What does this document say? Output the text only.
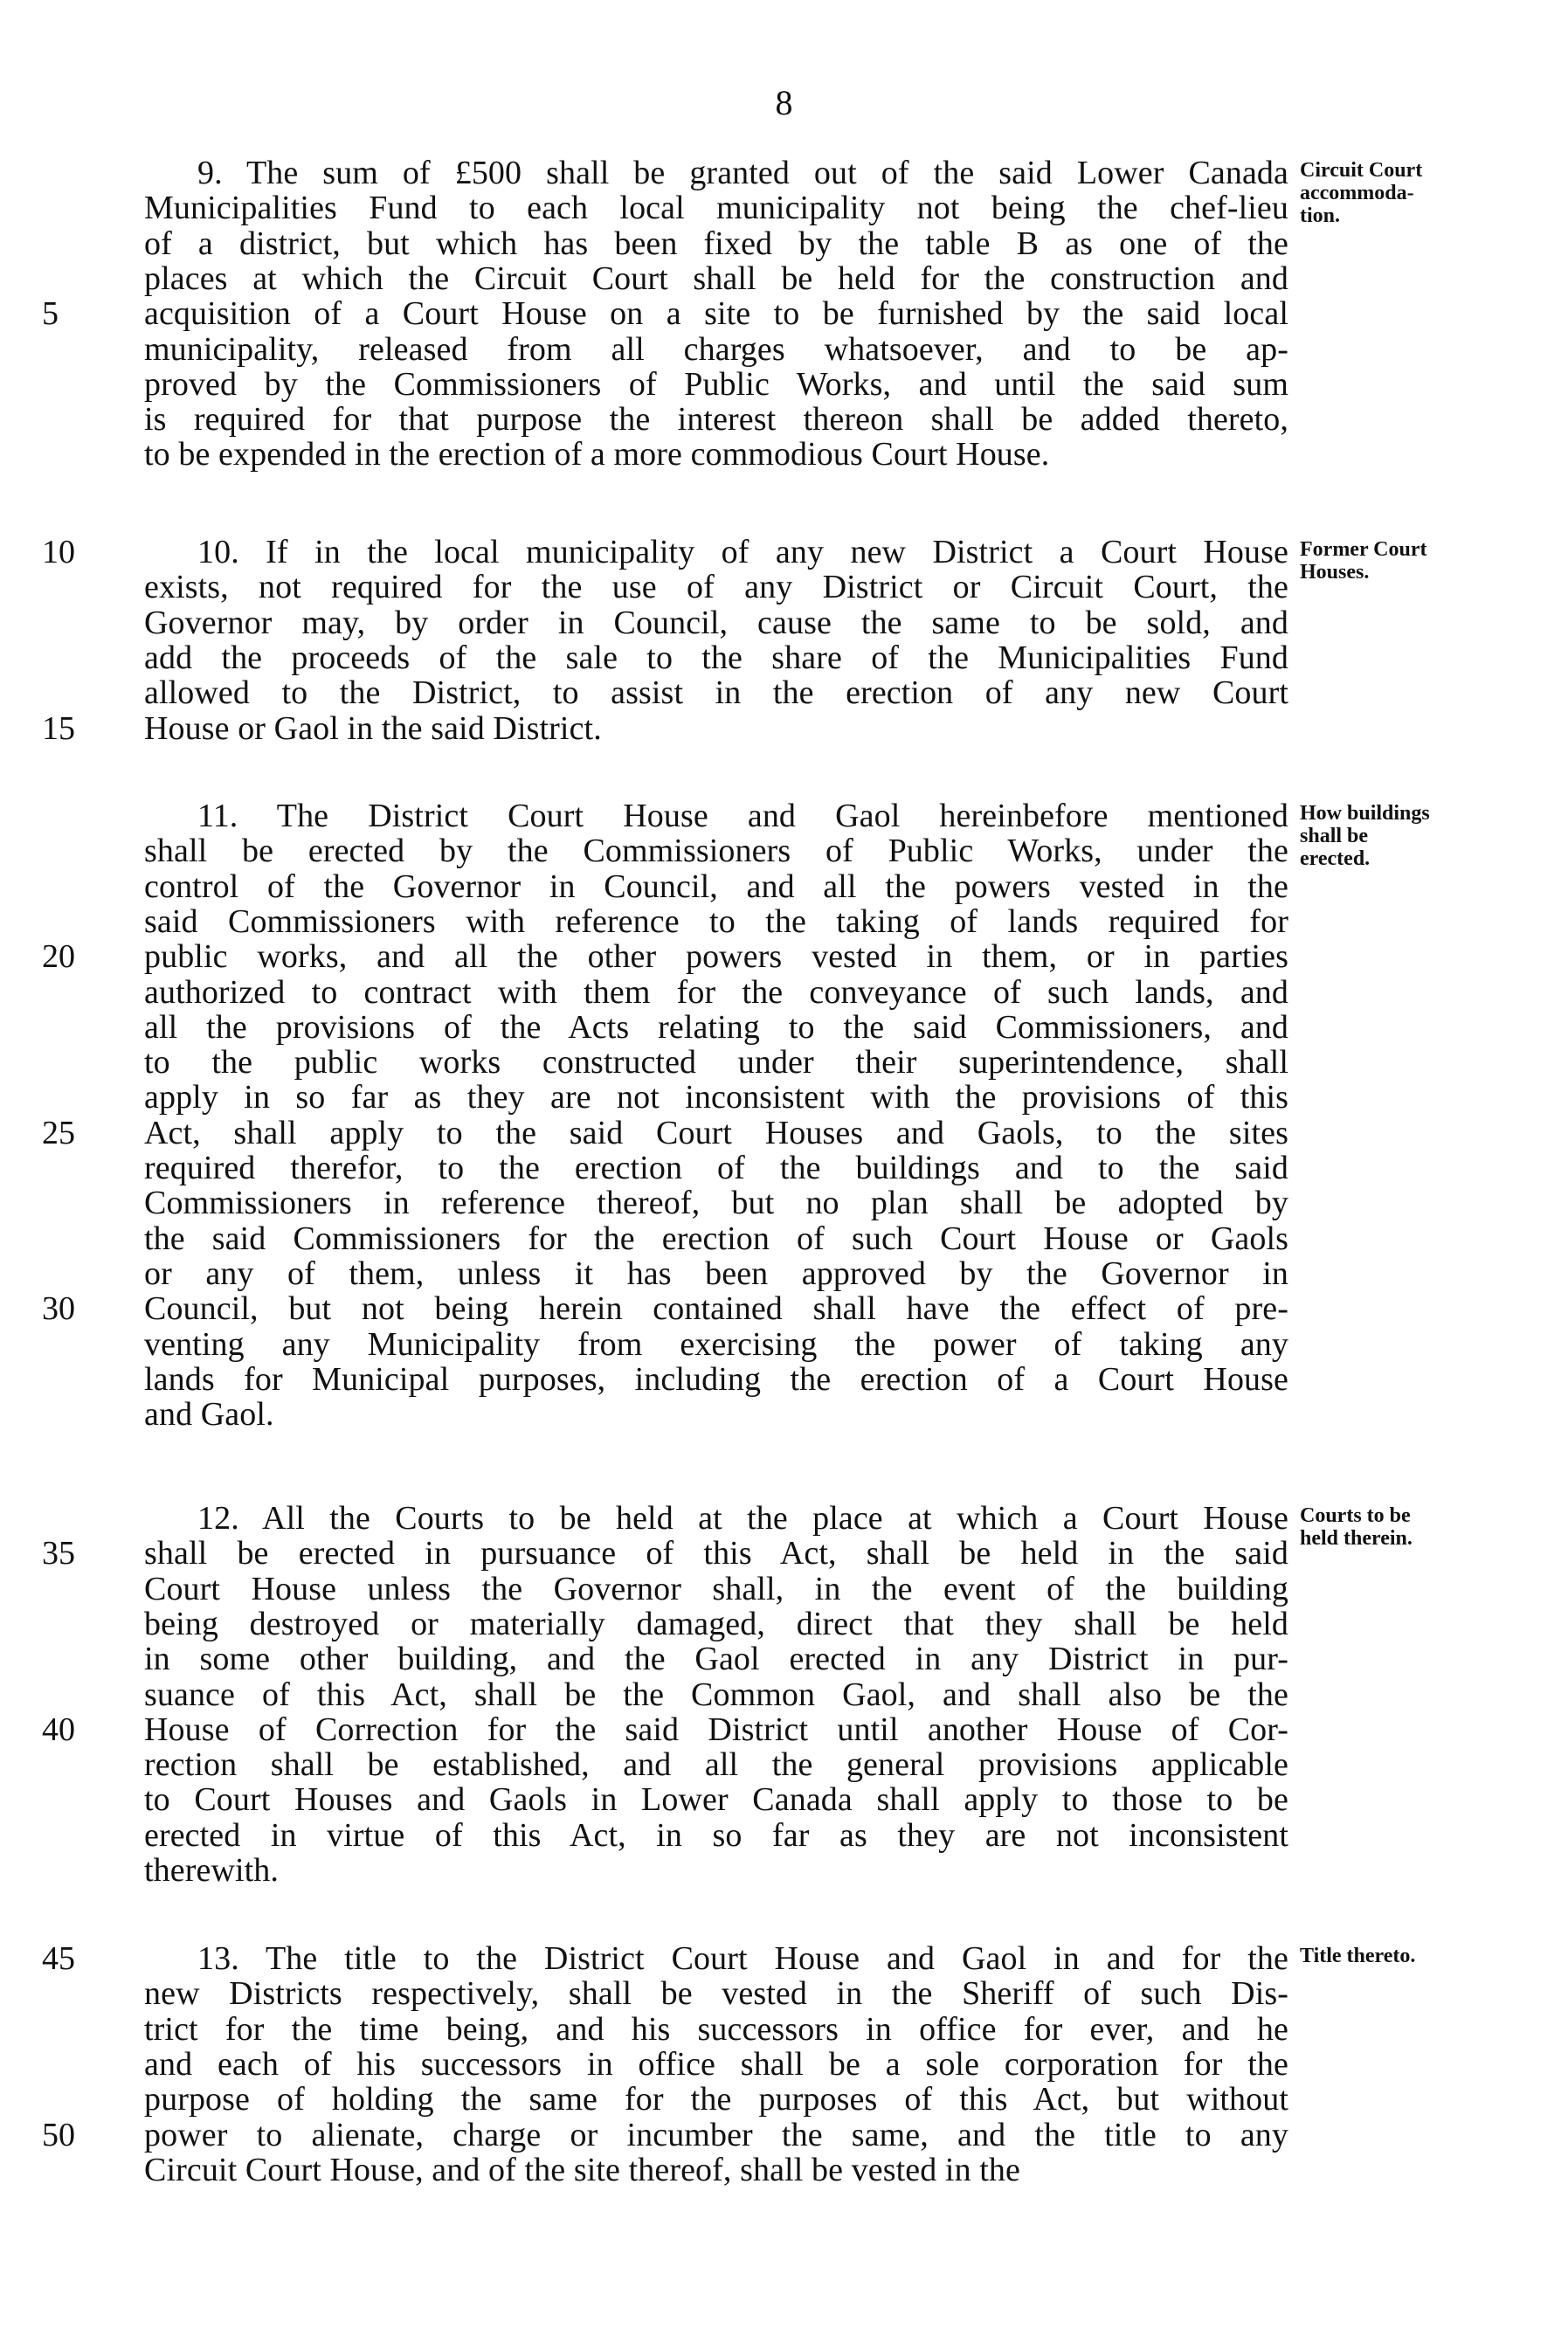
8
9. The sum of £500 shall be granted out of the said Lower Canada
Municipalities Fund to each local municipality not being the chef-lieu
of a district, but which has been fixed by the table B as one of the
places at which the Circuit Court shall be held for the construction and
acquisition of a Court House on a site to be furnished by the said local
5
municipality, released from all charges whatsoever, and to be ap-
proved by the Commissioners of Public Works, and until the said sum
is required for that purpose the interest thereon shall be added thereto,
to be expended in the erection of a more commodious Court House.
Circuit Court
accommoda-
tion.
10. If in the local municipality of any new District a Court House
10
exists, not required for the use of any District or Circuit Court, the
Governor may, by order in Council, cause the same to be sold, and
add the proceeds of the sale to the share of the Municipalities Fund
allowed to the District, to assist in the erection of any new Court
House or Gaol in the said District.
15
Former Court
Houses.
11. The District Court House and Gaol hereinbefore mentioned
shall be erected by the Commissioners of Public Works, under the
control of the Governor in Council, and all the powers vested in the
said Commissioners with reference to the taking of lands required for
public works, and all the other powers vested in them, or in parties
20
authorized to contract with them for the conveyance of such lands, and
all the provisions of the Acts relating to the said Commissioners, and
to the public works constructed under their superintendence, shall
apply in so far as they are not inconsistent with the provisions of this
Act, shall apply to the said Court Houses and Gaols, to the sites
25
required therefor, to the erection of the buildings and to the said
Commissioners in reference thereof, but no plan shall be adopted by
the said Commissioners for the erection of such Court House or Gaols
or any of them, unless it has been approved by the Governor in
Council, but not being herein contained shall have the effect of pre-
30
venting any Municipality from exercising the power of taking any
lands for Municipal purposes, including the erection of a Court House
and Gaol.
How buildings
shall be
erected.
12. All the Courts to be held at the place at which a Court House
shall be erected in pursuance of this Act, shall be held in the said
35
Court House unless the Governor shall, in the event of the building
being destroyed or materially damaged, direct that they shall be held
in some other building, and the Gaol erected in any District in pur-
suance of this Act, shall be the Common Gaol, and shall also be the
House of Correction for the said District until another House of Cor-
40
rection shall be established, and all the general provisions applicable
to Court Houses and Gaols in Lower Canada shall apply to those to be
erected in virtue of this Act, in so far as they are not inconsistent
therewith.
Courts to be
held therein.
13. The title to the District Court House and Gaol in and for the
45
new Districts respectively, shall be vested in the Sheriff of such Dis-
trict for the time being, and his successors in office for ever, and he
and each of his successors in office shall be a sole corporation for the
purpose of holding the same for the purposes of this Act, but without
power to alienate, charge or incumber the same, and the title to any
50
Circuit Court House, and of the site thereof, shall be vested in the
Title thereto.
